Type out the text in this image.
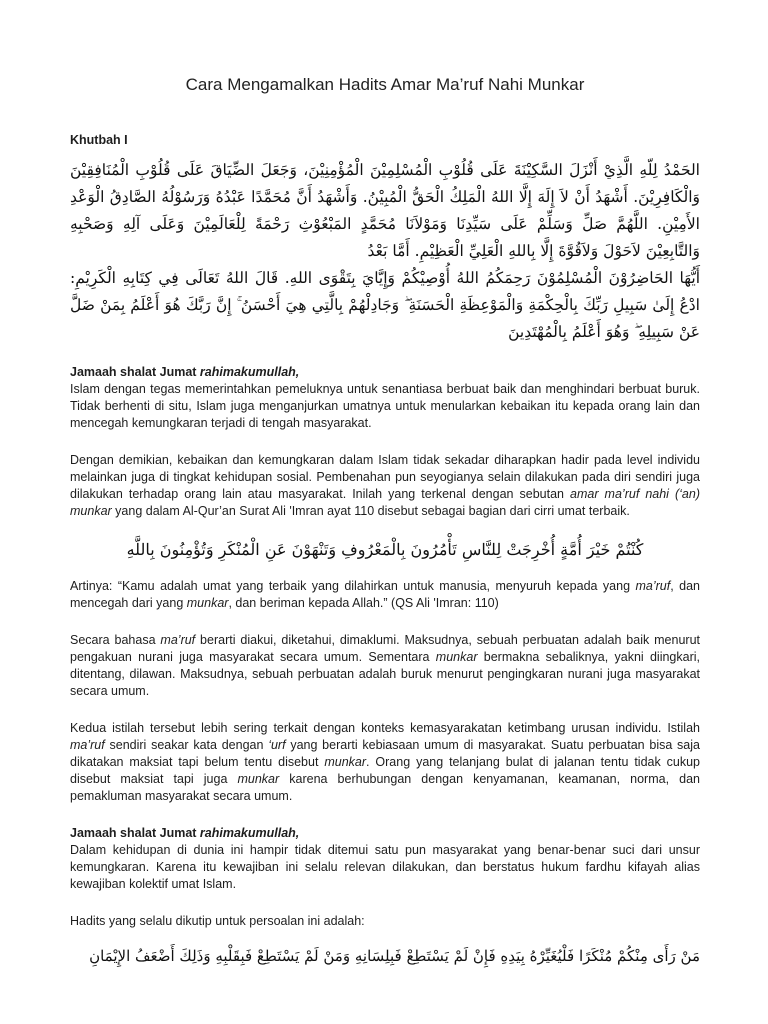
Cara Mengamalkan Hadits Amar Ma’ruf Nahi Munkar
Khutbah I

الحَمْدُ لِلّهِ الَّذِيْ أَنْزَلَ السَّكِيْنَةَ عَلَى قُلُوْبِ الْمُسْلِمِيْنَ الْمُؤْمِنِيْنَ، وَجَعَلَ الضِّيَاقَ عَلَى قُلُوْبِ الْمُنَافِقِيْنَ وَالْكَافِرِيْنَ. أَشْهَدُ أَنْ لاَ إِلَهَ إِلَّا اللهُ الْمَلِكُ الْحَقُّ الْمُبِيْنُ. وَأَشْهَدُ أَنَّ مُحَمَّدًا عَبْدُهُ وَرَسُوْلُهُ الصَّادِقُ الْوَعْدِ الأَمِيْنِ. اللَّهُمَّ صَلِّ وَسَلِّمْ عَلَى سَيِّدِنَا وَمَوْلاَنَا مُحَمَّدٍ المَبْعُوْثِ رَحْمَةً لِلْعَالَمِيْنَ وَعَلَى آلِهِ وَصَحْبِهِ وَالتَّابِعِيْنَ لاَحَوْلَ وَلاَقُوَّةَ إِلَّا بِاللهِ الْعَلِيِّ الْعَظِيْمِ. أَمَّا بَعْدُ

أَيُّهَا الحَاضِرُوْنَ الْمُسْلِمُوْنَ رَحِمَكُمُ اللهُ أُوْصِيْكُمْ وَإِيَّايَ بِتَقْوَى اللهِ. قَالَ اللهُ تَعَالَى فِي كِتَابِهِ الْكَرِيْمِ: ادْعُ إِلَىٰ سَبِيلِ رَبِّكَ بِالْحِكْمَةِ وَالْمَوْعِظَةِ الْحَسَنَةِ ۖ وَجَادِلْهُمْ بِالَّتِي هِيَ أَحْسَنُ ۚ إِنَّ رَبَّكَ هُوَ أَعْلَمُ بِمَنْ ضَلَّ عَنْ سَبِيلِهِ ۖ وَهُوَ أَعْلَمُ بِالْمُهْتَدِينَ

Jamaah shalat Jumat rahimakumullah,

Islam dengan tegas memerintahkan pemeluknya untuk senantiasa berbuat baik dan menghindari berbuat buruk. Tidak berhenti di situ, Islam juga menganjurkan umatnya untuk menularkan kebaikan itu kepada orang lain dan mencegah kemungkaran terjadi di tengah masyarakat.

Dengan demikian, kebaikan dan kemungkaran dalam Islam tidak sekadar diharapkan hadir pada level individu melainkan juga di tingkat kehidupan sosial. Pembenahan pun seyogianya selain dilakukan pada diri sendiri juga dilakukan terhadap orang lain atau masyarakat. Inilah yang terkenal dengan sebutan amar ma’ruf nahi (‘an) munkar yang dalam Al-Qur’an Surat Ali 'Imran ayat 110 disebut sebagai bagian dari cirri umat terbaik.

كُنْتُمْ خَيْرَ أُمَّةٍ أُخْرِجَتْ لِلنَّاسِ تَأْمُرُونَ بِالْمَعْرُوفِ وَتَنْهَوْنَ عَنِ الْمُنْكَرِ وَتُؤْمِنُونَ بِاللَّهِ

Artinya: “Kamu adalah umat yang terbaik yang dilahirkan untuk manusia, menyuruh kepada yang ma’ruf, dan mencegah dari yang munkar, dan beriman kepada Allah.” (QS Ali 'Imran: 110)

Secara bahasa ma’ruf berarti diakui, diketahui, dimaklumi. Maksudnya, sebuah perbuatan adalah baik menurut pengakuan nurani juga masyarakat secara umum. Sementara munkar bermakna sebaliknya, yakni diingkari, ditentang, dilawan. Maksudnya, sebuah perbuatan adalah buruk menurut pengingkaran nurani juga masyarakat secara umum.

Kedua istilah tersebut lebih sering terkait dengan konteks kemasyarakatan ketimbang urusan individu. Istilah ma’ruf sendiri seakar kata dengan ‘urf yang berarti kebiasaan umum di masyarakat. Suatu perbuatan bisa saja dikatakan maksiat tapi belum tentu disebut munkar. Orang yang telanjang bulat di jalanan tentu tidak cukup disebut maksiat tapi juga munkar karena berhubungan dengan kenyamanan, keamanan, norma, dan pemakluman masyarakat secara umum.

Jamaah shalat Jumat rahimakumullah,

Dalam kehidupan di dunia ini hampir tidak ditemui satu pun masyarakat yang benar-benar suci dari unsur kemungkaran. Karena itu kewajiban ini selalu relevan dilakukan, dan berstatus hukum fardhu kifayah alias kewajiban kolektif umat Islam.

Hadits yang selalu dikutip untuk persoalan ini adalah:

مَنْ رَأَى مِنْكُمْ مُنْكَرًا فَلْيُغَيِّرْهُ بِيَدِهِ فَإِنْ لَمْ يَسْتَطِعْ فَبِلِسَانِهِ وَمَنْ لَمْ يَسْتَطِعْ فَبِقَلْبِهِ وَذَلِكَ أَضْعَفُ الإِيْمَانِ
